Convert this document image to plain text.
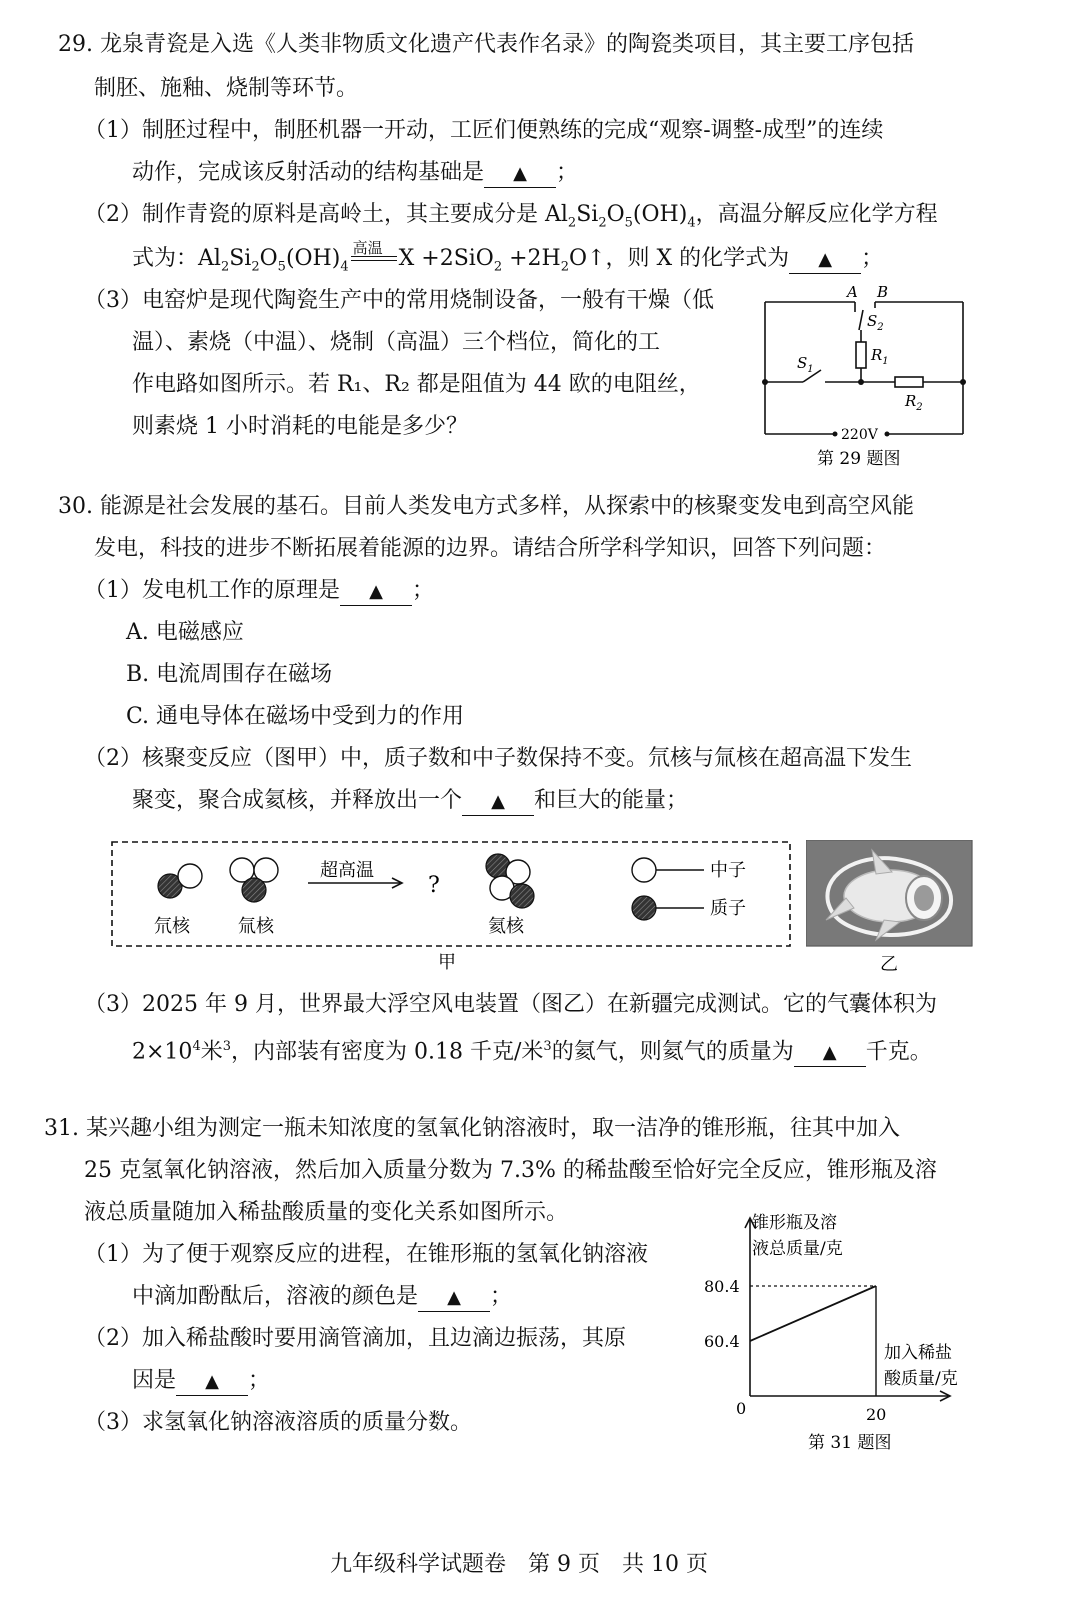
29. 龙泉青瓷是入选《人类非物质文化遗产代表作名录》的陶瓷类项目，其主要工序包括
制胚、施釉、烧制等环节。
（1）制胚过程中，制胚机器一开动，工匠们便熟练的完成“观察-调整-成型”的连续
动作，完成该反射活动的结构基础是 ▲ ；
（2）制作青瓷的原料是高岭土，其主要成分是 $Al_2Si_2O_5(OH)_4$，高温分解反应化学方程
式为：$Al_2Si_2O_5(OH)_4$
高温 $X +2SiO_2 +2H_2O↑$，则 X 的化学式为 ▲ ；
（3）电窑炉是现代陶瓷生产中的常用烧制设备，一般有干燥（低
温）、素烧（中温）、烧制（高温）三个档位，简化的工
作电路如图所示。若 R₁、R₂ 都是阻值为 44 欧的电阻丝，
则素烧 1 小时消耗的电能是多少？
A B
$S_2$
$R_1$
$S_1$
$R_2$
220V
第 29 题图
30. 能源是社会发展的基石。目前人类发电方式多样，从探索中的核聚变发电到高空风能
发电，科技的进步不断拓展着能源的边界。请结合所学科学知识，回答下列问题：
（1）发电机工作的原理是 ▲ ；
A. 电磁感应
B. 电流周围存在磁场
C. 通电导体在磁场中受到力的作用
（2）核聚变反应（图甲）中，质子数和中子数保持不变。氘核与氚核在超高温下发生
聚变，聚合成氦核，并释放出一个 ▲ 和巨大的能量；
超高温
?
氘核	氚核	氦核
中子
质子
甲	乙
（3）2025 年 9 月，世界最大浮空风电装置（图乙）在新疆完成测试。它的气囊体积为
$2\times 10^4$米$^3$，内部装有密度为 0.18 千克/米$^3$的氦气，则氦气的质量为 ▲ 千克。
31. 某兴趣小组为测定一瓶未知浓度的氢氧化钠溶液时，取一洁净的锥形瓶，往其中加入
25 克氢氧化钠溶液，然后加入质量分数为 7.3% 的稀盐酸至恰好完全反应，锥形瓶及溶
液总质量随加入稀盐酸质量的变化关系如图所示。
（1）为了便于观察反应的进程，在锥形瓶的氢氧化钠溶液
中滴加酚酞后，溶液的颜色是 ▲ ；
（2）加入稀盐酸时要用滴管滴加，且边滴边振荡，其原
因是 ▲ ；
（3）求氢氧化钠溶液溶质的质量分数。
锥形瓶及溶
液总质量/克
80.4
60.4
加入稀盐
酸质量/克
0	20
第 31 题图
九年级科学试题卷　第 9 页　共 10 页
